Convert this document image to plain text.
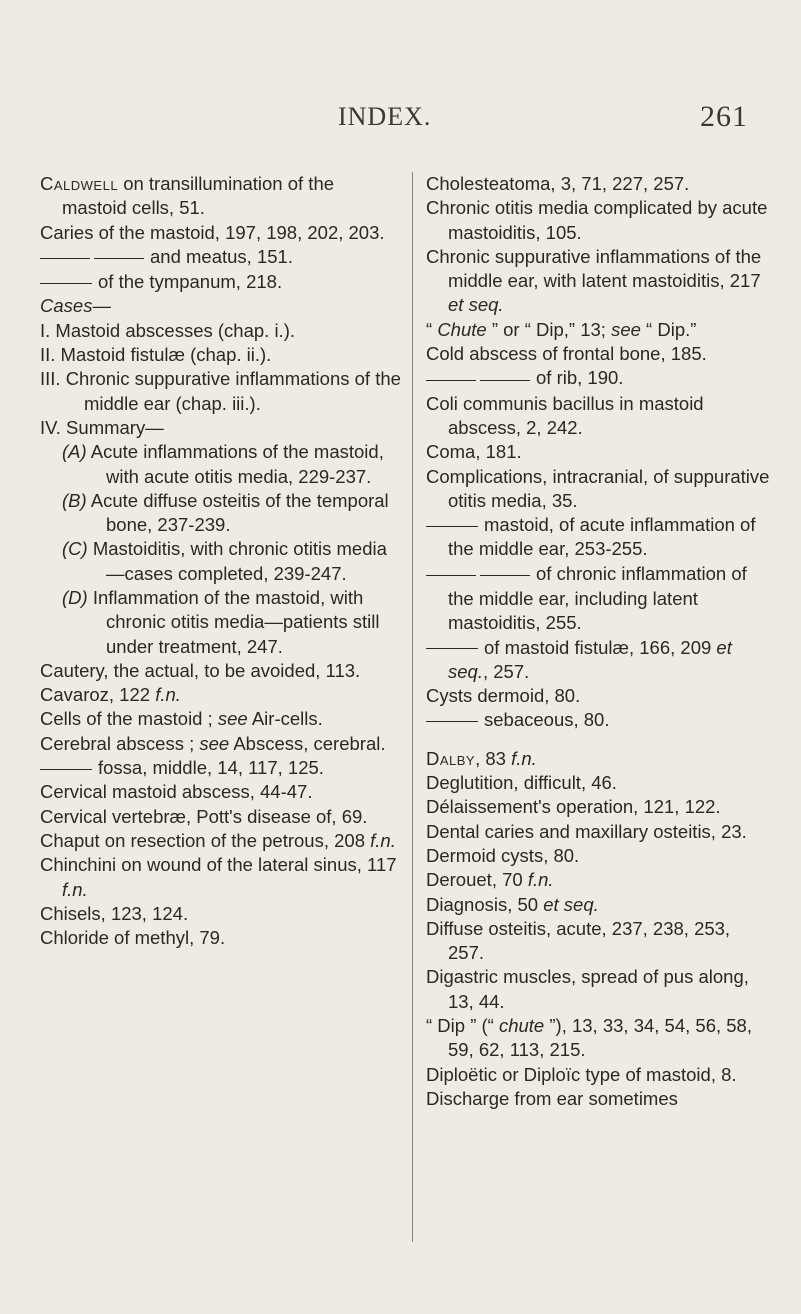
INDEX.	261
Caldwell on transillumination of the mastoid cells, 51.
Caries of the mastoid, 197, 198, 202, 203.
and meatus, 151.
of the tympanum, 218.
Cases—
I. Mastoid abscesses (chap. i.).
II. Mastoid fistulæ (chap. ii.).
III. Chronic suppurative inflammations of the middle ear (chap. iii.).
IV. Summary—
(A) Acute inflammations of the mastoid, with acute otitis media, 229-237.
(B) Acute diffuse osteitis of the temporal bone, 237-239.
(C) Mastoiditis, with chronic otitis media—cases completed, 239-247.
(D) Inflammation of the mastoid, with chronic otitis media—patients still under treatment, 247.
Cautery, the actual, to be avoided, 113.
Cavaroz, 122 f.n.
Cells of the mastoid ; see Air-cells.
Cerebral abscess ; see Abscess, cerebral.
fossa, middle, 14, 117, 125.
Cervical mastoid abscess, 44-47.
Cervical vertebræ, Pott's disease of, 69.
Chaput on resection of the petrous, 208 f.n.
Chinchini on wound of the lateral sinus, 117 f.n.
Chisels, 123, 124.
Chloride of methyl, 79.
Cholesteatoma, 3, 71, 227, 257.
Chronic otitis media complicated by acute mastoiditis, 105.
Chronic suppurative inflammations of the middle ear, with latent mastoiditis, 217 et seq.
“ Chute ” or “ Dip,” 13; see “ Dip.”
Cold abscess of frontal bone, 185.
of rib, 190.
Coli communis bacillus in mastoid abscess, 2, 242.
Coma, 181.
Complications, intracranial, of suppurative otitis media, 35.
mastoid, of acute inflammation of the middle ear, 253-255.
of chronic inflammation of the middle ear, including latent mastoiditis, 255.
of mastoid fistulæ, 166, 209 et seq., 257.
Cysts dermoid, 80.
sebaceous, 80.
Dalby, 83 f.n.
Deglutition, difficult, 46.
Délaissement's operation, 121, 122.
Dental caries and maxillary osteitis, 23.
Dermoid cysts, 80.
Derouet, 70 f.n.
Diagnosis, 50 et seq.
Diffuse osteitis, acute, 237, 238, 253, 257.
Digastric muscles, spread of pus along, 13, 44.
“ Dip ” (“ chute ”), 13, 33, 34, 54, 56, 58, 59, 62, 113, 215.
Diploëtic or Diploïc type of mastoid, 8.
Discharge from ear sometimes
